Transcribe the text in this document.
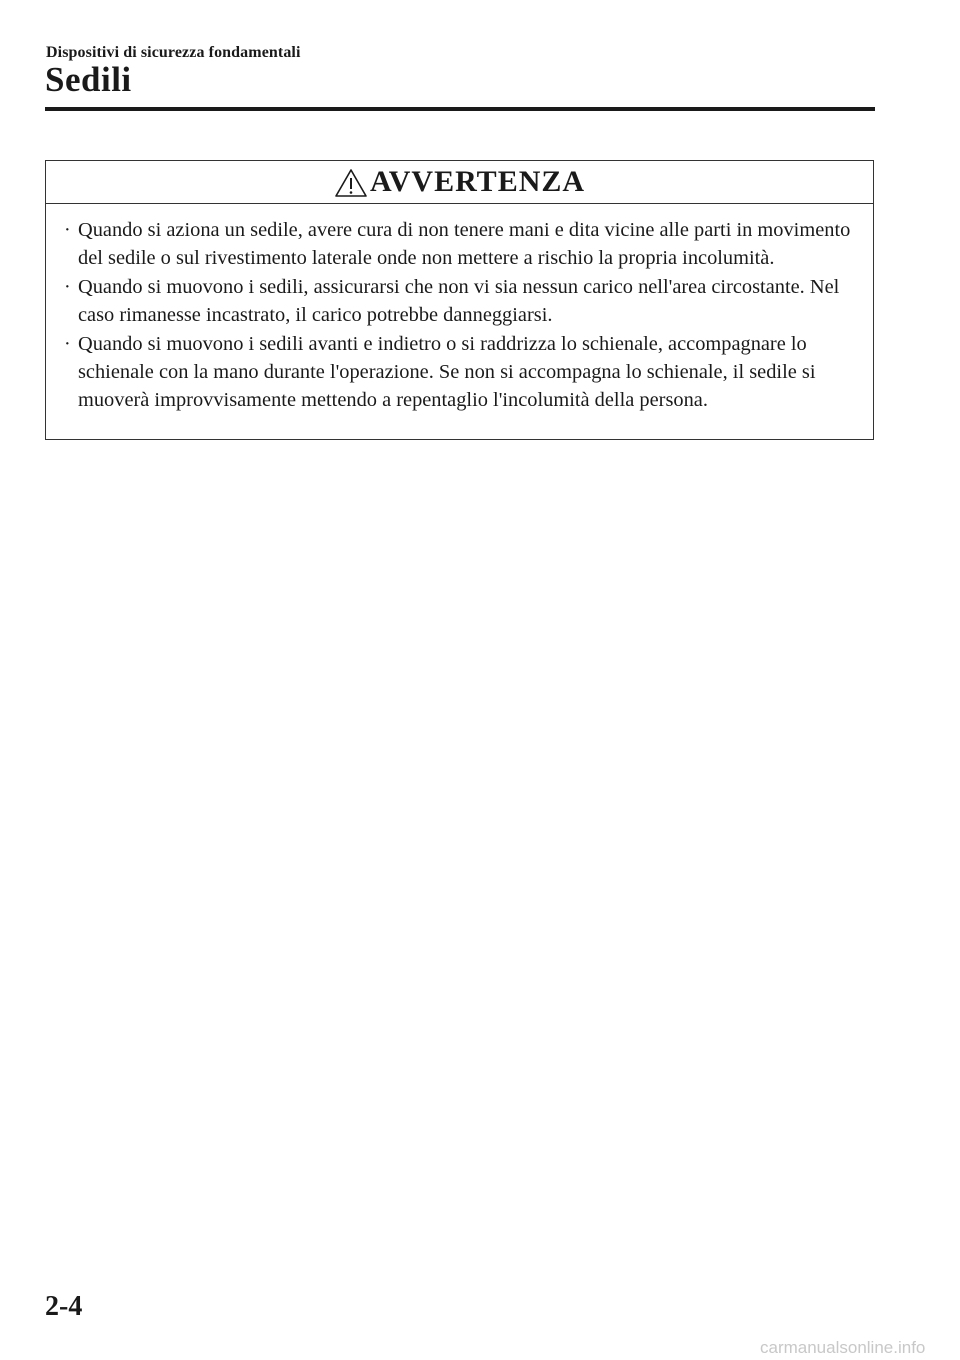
Dispositivi di sicurezza fondamentali
Sedili
AVVERTENZA
· Quando si aziona un sedile, avere cura di non tenere mani e dita vicine alle parti in movimento del sedile o sul rivestimento laterale onde non mettere a rischio la propria incolumità.
· Quando si muovono i sedili, assicurarsi che non vi sia nessun carico nell'area circostante. Nel caso rimanesse incastrato, il carico potrebbe danneggiarsi.
· Quando si muovono i sedili avanti e indietro o si raddrizza lo schienale, accompagnare lo schienale con la mano durante l'operazione. Se non si accompagna lo schienale, il sedile si muoverà improvvisamente mettendo a repentaglio l'incolumità della persona.
2-4
carmanualsonline.info
